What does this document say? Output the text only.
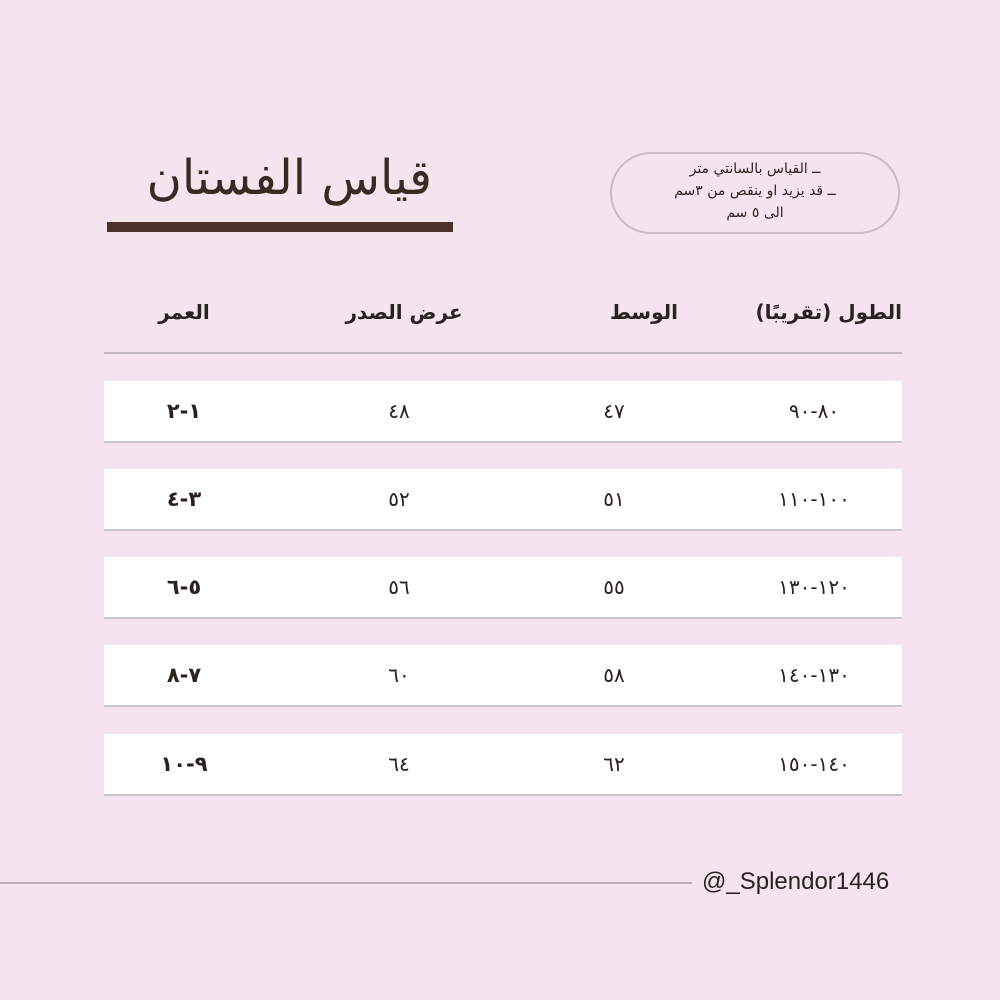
قياس الفستان	ــ القياس بالسانتي متر
ــ قد يزيد او ينقص من ٣سم
الى ٥ سم
الطول (تقريبًا)
الوسط
عرض الصدر
العمر
٨٠-٩٠
٤٧
٤٨
١-٢
١٠٠-١١٠
٥١
٥٢
٣-٤
١٢٠-١٣٠
٥٥
٥٦
٥-٦
١٣٠-١٤٠
٥٨
٦٠
٧-٨
١٤٠-١٥٠
٦٢
٦٤
٩-١٠
@_Splendor1446
